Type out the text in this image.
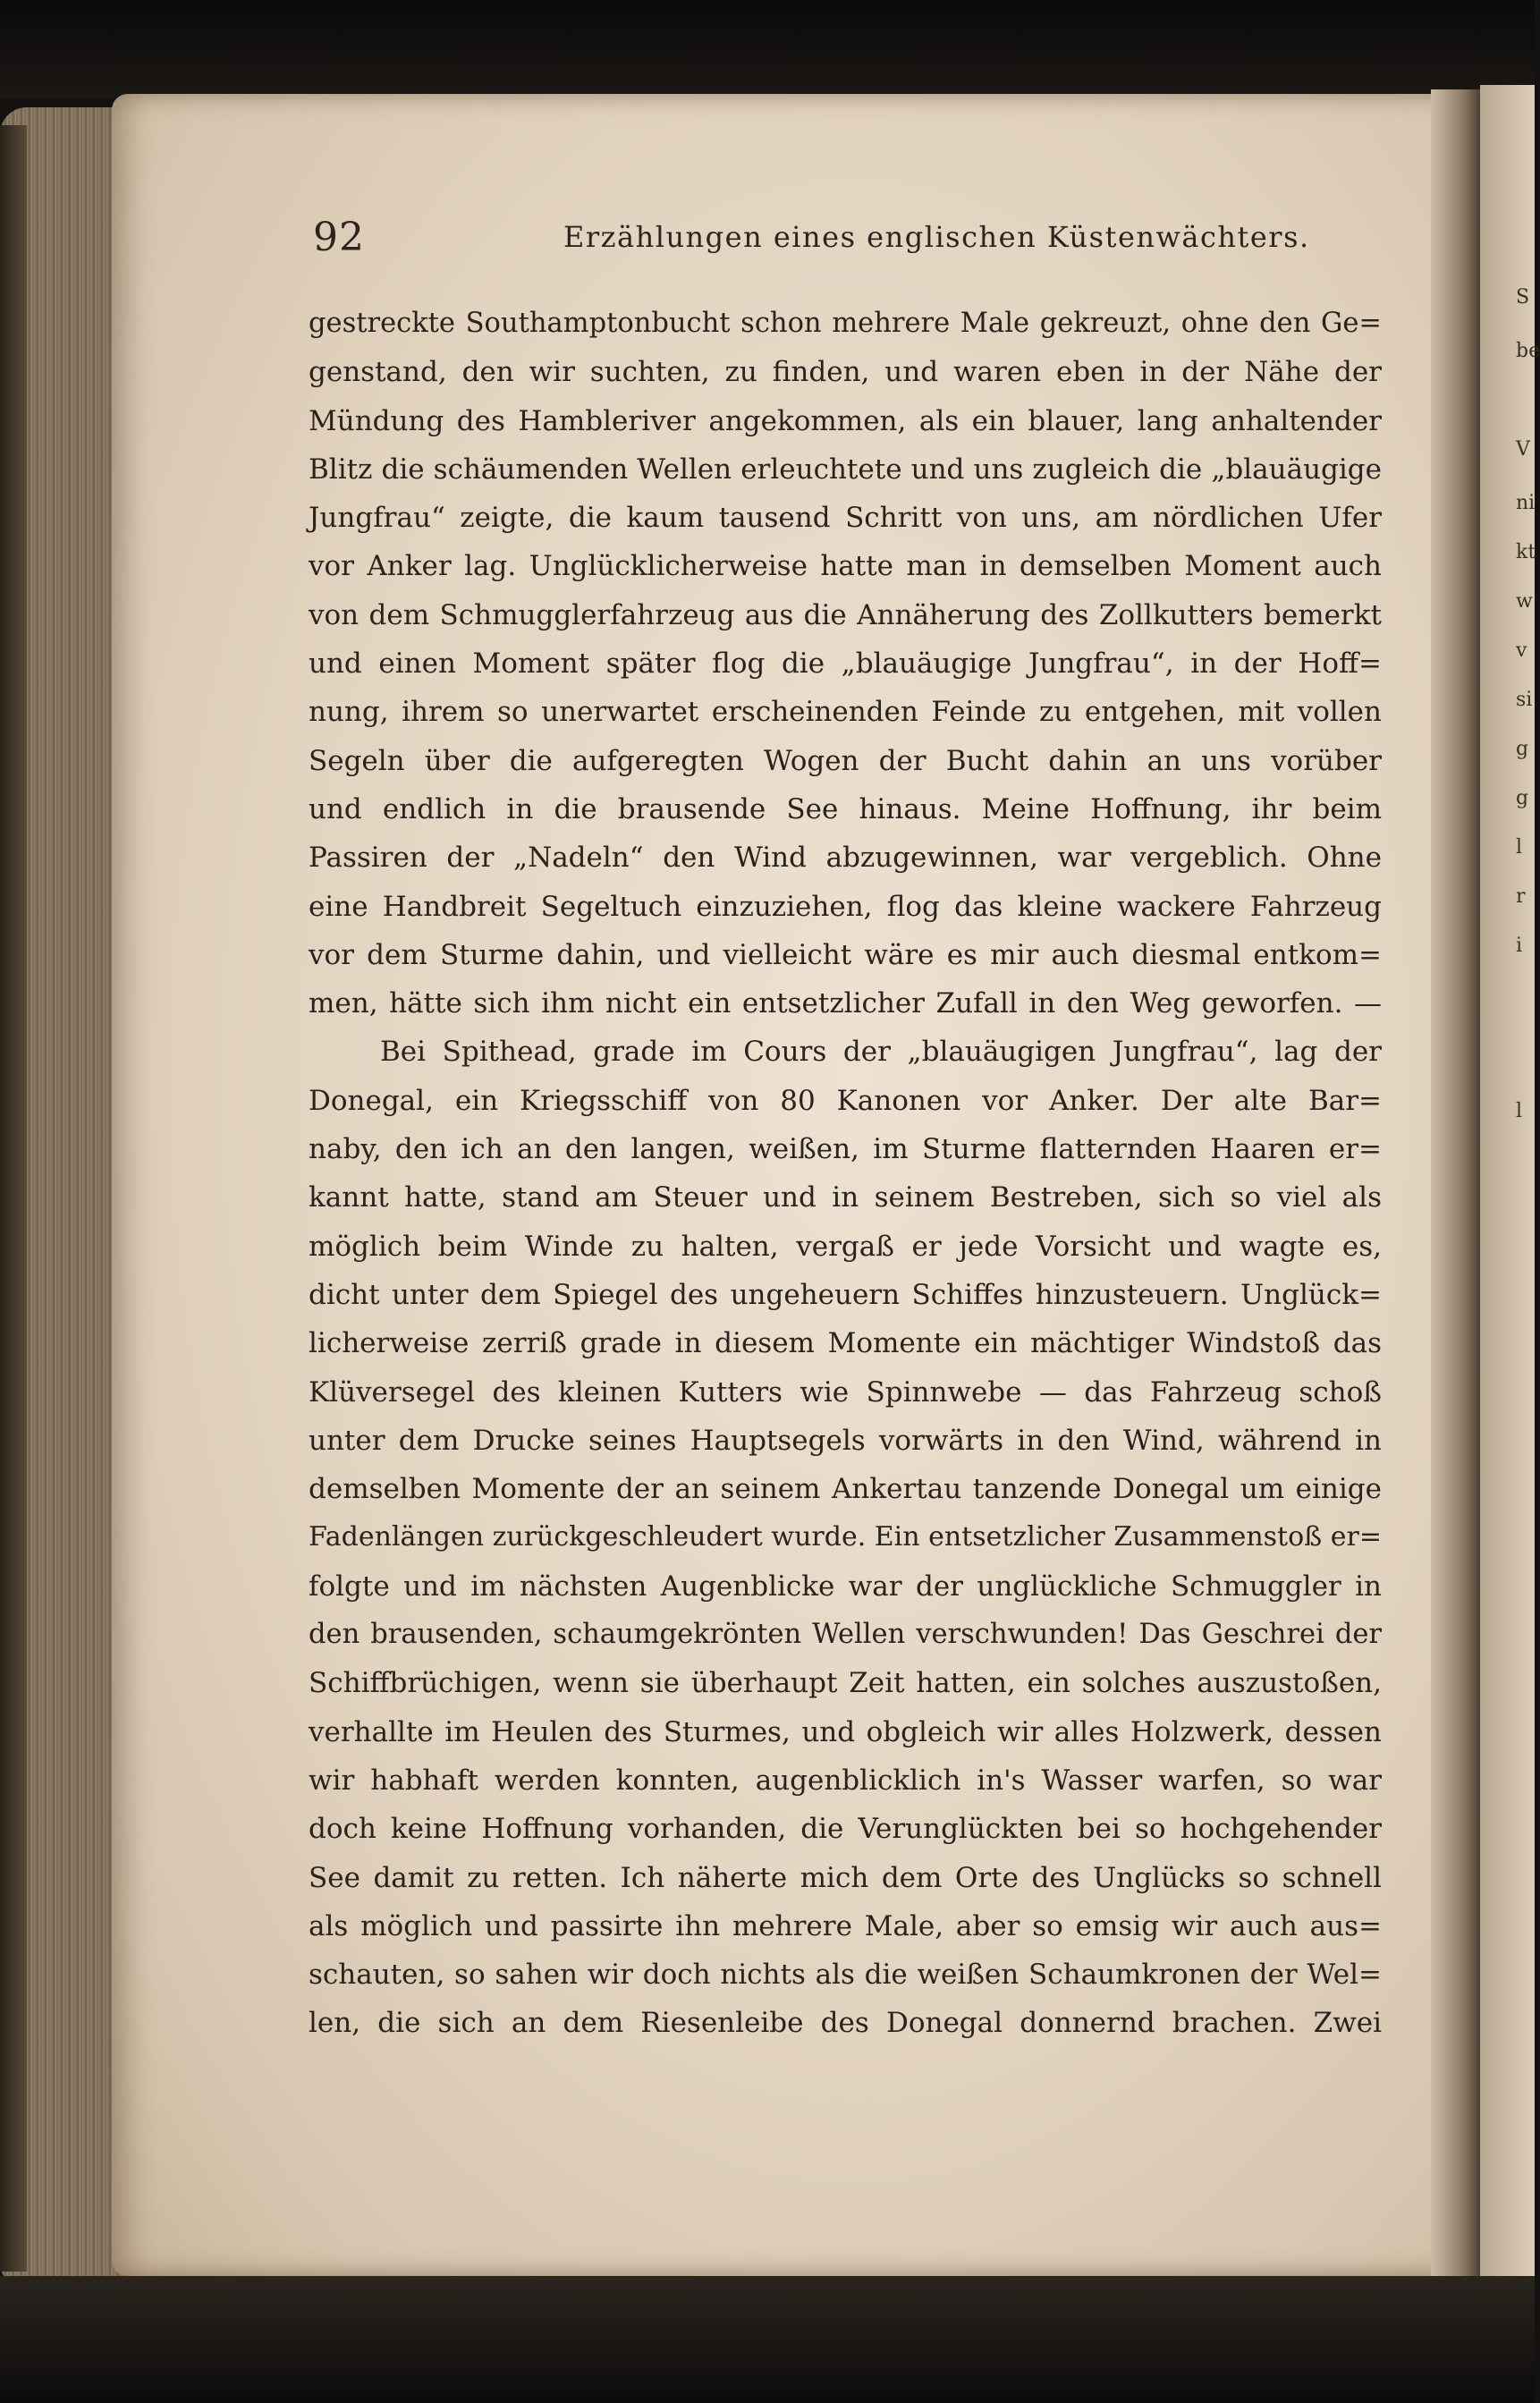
S
be
V
ni
kt
w
v
si
g
g
l
r
i
l
92	Erzählungen eines englischen Küstenwächters.
gestreckte Southamptonbucht schon mehrere Male gekreuzt, ohne den Ge=
genstand, den wir suchten, zu finden, und waren eben in der Nähe der
Mündung des Hambleriver angekommen, als ein blauer, lang anhaltender
Blitz die schäumenden Wellen erleuchtete und uns zugleich die „blauäugige
Jungfrau“ zeigte, die kaum tausend Schritt von uns, am nördlichen Ufer
vor Anker lag. Unglücklicherweise hatte man in demselben Moment auch
von dem Schmugglerfahrzeug aus die Annäherung des Zollkutters bemerkt
und einen Moment später flog die „blauäugige Jungfrau“, in der Hoff=
nung, ihrem so unerwartet erscheinenden Feinde zu entgehen, mit vollen
Segeln über die aufgeregten Wogen der Bucht dahin an uns vorüber
und endlich in die brausende See hinaus. Meine Hoffnung, ihr beim
Passiren der „Nadeln“ den Wind abzugewinnen, war vergeblich. Ohne
eine Handbreit Segeltuch einzuziehen, flog das kleine wackere Fahrzeug
vor dem Sturme dahin, und vielleicht wäre es mir auch diesmal entkom=
men, hätte sich ihm nicht ein entsetzlicher Zufall in den Weg geworfen. —
Bei Spithead, grade im Cours der „blauäugigen Jungfrau“, lag der
Donegal, ein Kriegsschiff von 80 Kanonen vor Anker. Der alte Bar=
naby, den ich an den langen, weißen, im Sturme flatternden Haaren er=
kannt hatte, stand am Steuer und in seinem Bestreben, sich so viel als
möglich beim Winde zu halten, vergaß er jede Vorsicht und wagte es,
dicht unter dem Spiegel des ungeheuern Schiffes hinzusteuern. Unglück=
licherweise zerriß grade in diesem Momente ein mächtiger Windstoß das
Klüversegel des kleinen Kutters wie Spinnwebe — das Fahrzeug schoß
unter dem Drucke seines Hauptsegels vorwärts in den Wind, während in
demselben Momente der an seinem Ankertau tanzende Donegal um einige
Fadenlängen zurückgeschleudert wurde. Ein entsetzlicher Zusammenstoß er=
folgte und im nächsten Augenblicke war der unglückliche Schmuggler in
den brausenden, schaumgekrönten Wellen verschwunden! Das Geschrei der
Schiffbrüchigen, wenn sie überhaupt Zeit hatten, ein solches auszustoßen,
verhallte im Heulen des Sturmes, und obgleich wir alles Holzwerk, dessen
wir habhaft werden konnten, augenblicklich in's Wasser warfen, so war
doch keine Hoffnung vorhanden, die Verunglückten bei so hochgehender
See damit zu retten. Ich näherte mich dem Orte des Unglücks so schnell
als möglich und passirte ihn mehrere Male, aber so emsig wir auch aus=
schauten, so sahen wir doch nichts als die weißen Schaumkronen der Wel=
len, die sich an dem Riesenleibe des Donegal donnernd brachen. Zwei
